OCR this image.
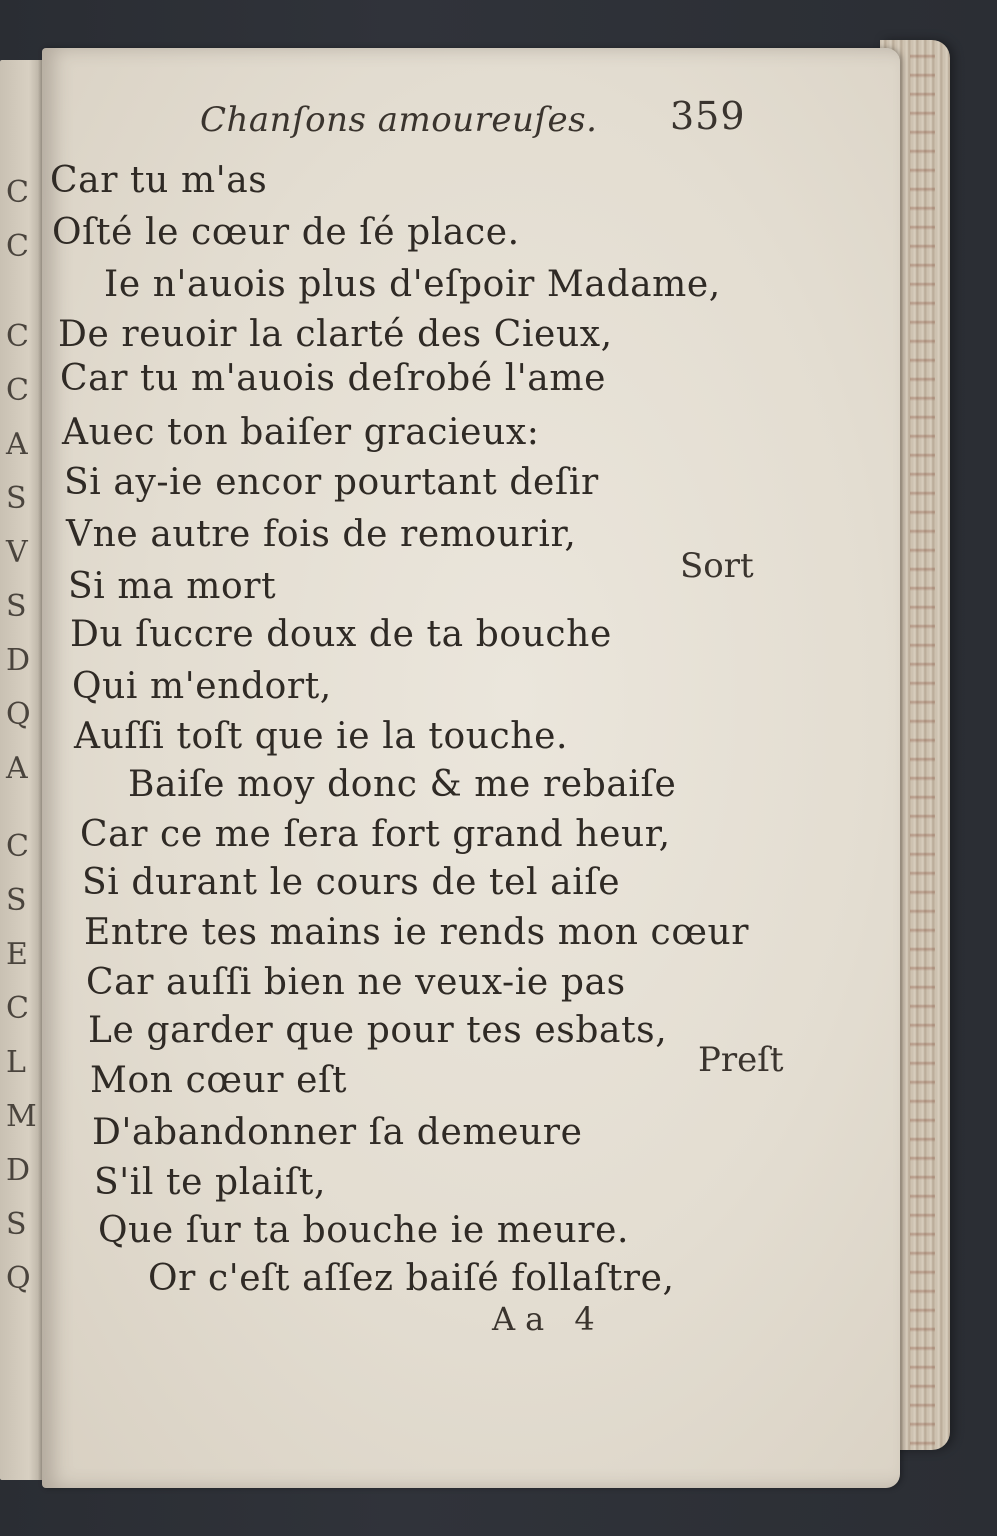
C
C
C
C
A
S
V
S
D
Q
A
C
S
E
C
L
M
D
S
Q
Chanſons amoureuſes. 359
Car tu m'as
Oſté le cœur de ſé place.
Ie n'auois plus d'eſpoir Madame,
De reuoir la clarté des Cieux,
Car tu m'auois deſrobé l'ame
Auec ton baiſer gracieux:
Si ay-ie encor pourtant deſir
Vne autre fois de remourir,
Si ma mort
Du ſuccre doux de ta bouche
Qui m'endort,
Auſſi toſt que ie la touche.
Baiſe moy donc & me rebaiſe
Car ce me ſera fort grand heur,
Si durant le cours de tel aiſe
Entre tes mains ie rends mon cœur
Car auſſi bien ne veux-ie pas
Le garder que pour tes esbats,
Mon cœur eſt
D'abandonner ſa demeure
S'il te plaiſt,
Que ſur ta bouche ie meure.
Or c'eſt aſſez baiſé follaſtre,
Sort
Preſt
Aa 4
